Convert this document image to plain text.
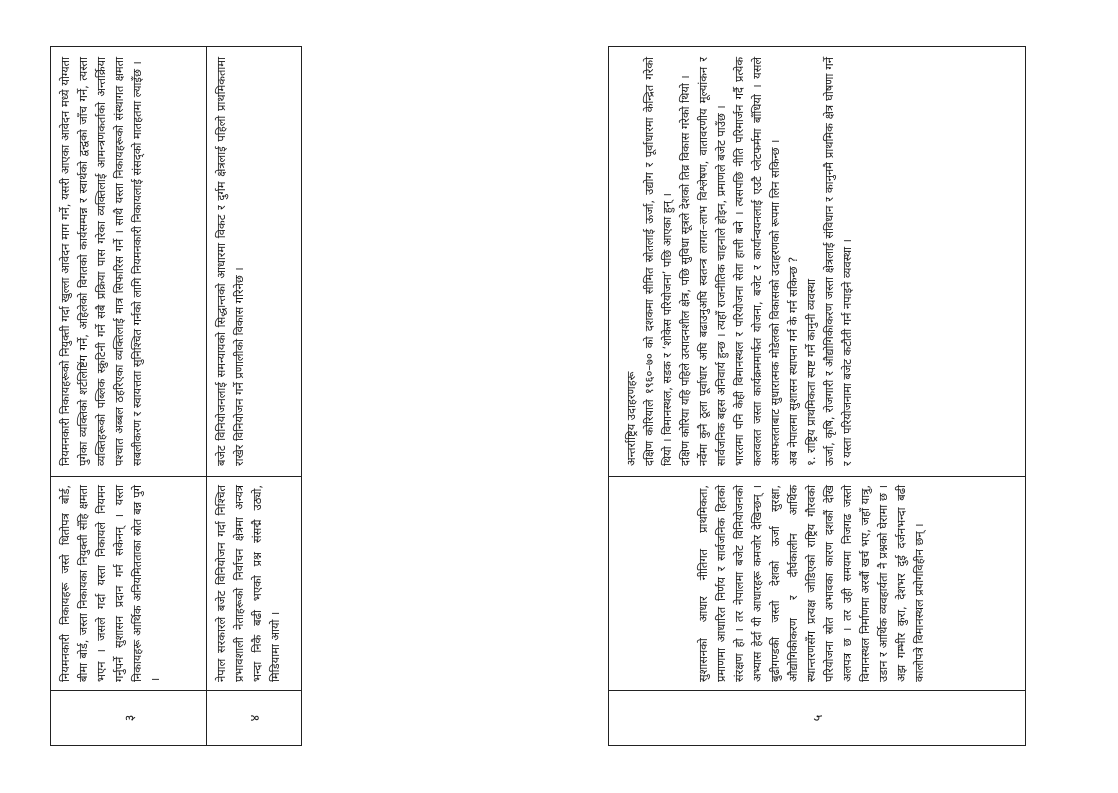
३
नियमनकारी निकायहरू जस्ते धितोपत्र बोर्ड, बीमा बोर्ड, जस्ता निकायका नियुक्ती सँहि क्षमता भएन । जसले गर्दा यस्ता निकायले नियमन गर्नुपर्ने सुशासन प्रदान गर्न सकेनन् । यस्ता निकायहरू आर्थिक अनियमितताका स्रोत बन्न पुगे ।
नियमनकारी निकायहरूको नियुक्ती गर्दा खुल्ला आवेदन माग गर्ने, यसरी आएका आवेदन मध्ये योग्यता पुगेका व्यक्तिको शर्टलिष्टिंग गर्ने, अहिलेको विगतको कार्यसम्पन्न र स्वार्थको द्वन्द्वको जाँच गर्ने, त्यस्ता व्यक्तिहरूको पब्लिक स्क्रुटिनी गर्ने सबै प्रक्रिया पास गरेका व्यक्तिलाई आमन्त्रणकर्ताको अन्तर्क्रिया पश्चात अब्बल ठहरिएका व्यक्तिलाई मात्र सिफारिस गर्ने । साथै यस्ता निकायहरूको संस्थागत क्षमता सबलीकरण र स्वायत्तता सुनिश्चित गर्नको लागि नियमनकारी निकायलाई संसद्को मातहतमा ल्याइँछ ।
४
नेपाल सरकारले बजेट विनियोजन गर्दा निश्चित प्रभावशाली नेताहरूको निर्वाचन क्षेत्रमा अन्यत्र भन्दा निकै बढी भएको प्रश्न संसद्मै उठ्यो, मिडियामा आयो ।
बजेट विनियोजनलाई समन्यायको सिद्धान्तको आधारमा विकट र दुर्गम क्षेत्रलाई पहिलो प्राथमिकतामा राखेर विनियोजन गर्ने प्रणालीको विकास गरिनेछ ।
५
सुशासनको आधार नीतिगत प्राथमिकता, प्रमाणमा आधारित निर्णय र सार्वजनिक हितको संरक्षण हो । तर नेपालमा बजेट विनियोजनको अभ्यास हेर्दा यी आधारहरू कमजोर देखिन्छन् । बुढीगण्डकी जस्तो देशको ऊर्जा सुरक्षा, औद्योगिकीकरण र दीर्घकालीन आर्थिक स्थान्तरणसँग प्रत्यक्ष जोडिएको राष्ट्रिय गौरवको परियोजना स्रोत अभावका कारण दशकौं देखि अलपत्र छ । तर उही समयमा निजगढ जस्तो विमानस्थल निर्माणमा अरबौं खर्च भए, जहाँ यात्रु, उडान र आर्थिक व्यवहार्यता नै प्रश्नको घेरामा छ । अझ गम्भीर कुरा, देशभर दुई दर्जनभन्दा बढी कालोपत्रे विमानस्थल प्रयोगविहीन छन् ।

अन्तर्राष्ट्रिय उदाहरणहरू दक्षिण कोरियाले १९६०–७० को दशकमा सीमित स्रोतलाई ऊर्जा, उद्योग र पूर्वाधारमा केन्द्रित गरेको थियो । विमानस्थल, सडक र ‘शोकेस परियोजना’ पछि आएका हुन् । दक्षिण कोरिया यहि पहिले उत्पादनशील क्षेत्र, पछि सुविधा सूत्रले देशको तिव्र विकास गरेको थियो । नर्वेमा कुनै ठूला पूर्वाधार अघि बढाउनुअघि स्वतन्त्र लागत–लाभ विश्लेषण, वातावरणीय मूल्यांकन र सार्वजनिक बहस अनिवार्य हुन्छ । त्यहाँ राजनीतिक चाहनाले होइन, प्रमाणले बजेट पाउँछ । भारतमा पनि केही विमानस्थल र परियोजना सेता हात्ती बने । त्यसपछि नीति परिमार्जन गर्दै प्रत्येक कलवलत जस्ता कार्यक्रममार्फत योजना, बजेट र कार्यान्वयनलाई एउटै प्लेटफर्ममा बाँधियो । यसले असफलताबाट सुधारात्मक मोडेलको विकासको उदाहरणको रूपमा लिन सकिन्छ । अब नेपालमा सुशासन स्थापना गर्न के गर्न सकिन्छ ? १. राष्ट्रिय प्राथमिकता स्पष्ट गर्ने कानुनी व्यवस्था ऊर्जा, कृषि, रोजगारी र औद्योगिकीकरण जस्ता क्षेत्रलाई संविधान र कानुनमै प्राथमिक क्षेत्र घोषणा गर्ने र यस्ता परियोजनामा बजेट कटौती गर्न नपाइने व्यवस्था ।
